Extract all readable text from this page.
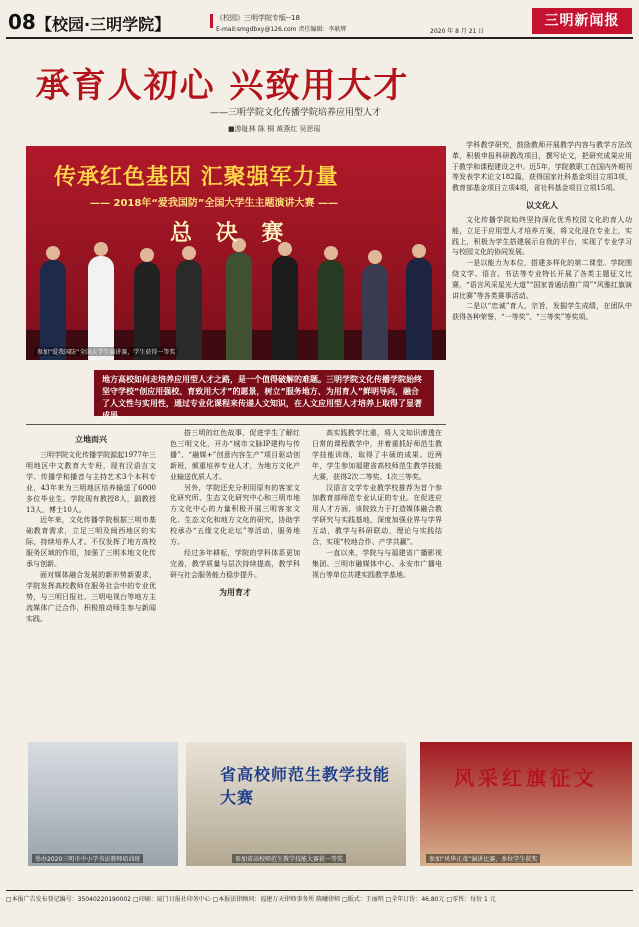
08 【校园·三明学院】	《校园》三明学院专版--18
E-mail:smgdbxy@126.com 责任编辑：李耿辉	2020 年 8 月 21 日
三明新闻报
承育人初心 兴致用大才
——三明学院文化传播学院培养应用型人才
■游耻林 陈 桐 黄燕红 吴思瑶
传承红色基因 汇聚强军力量
—— 2018年“爱我国防”全国大学生主题演讲大赛 ——
总 决 赛
参加“爱我国防”全国大学生演讲赛，学生获得一等奖
地方高校如何走培养应用型人才之路，是一个值得破解的难题。三明学院文化传播学院始终坚守学校“创应用强校、育致用大才”的愿景，树立“服务地方、为用育人”鲜明导向，融合了人文性与实用性，通过专业化课程来传递人文知识，在人文应用型人才培养上取得了显著成果。
立地而兴

三明学院文化传播学院源起1977年三明地区中文教育大专班，现有汉语言文学、传播学和播音与主持艺术3个本科专业，43年来为三明地区培养输送了6000多位毕业生。学院现有教授8人，副教授13人，博士10人。

近年来，文化传播学院根据三明市基础教育需求，立足三明及闽西地区的实际，持续培养人才。不仅发挥了地方高校服务区域的作用，加强了三明本地文化传承与创新。

面对媒体融合发展的新形势新要求，学院发挥高校教师在服务社会中的专业优势，与三明日报社、三明电视台等地方主流媒体广泛合作，积极推动师生参与新闻实践。

搭三明的红色故事，促进学生了解红色三明文化，开办“城市文脉IP建构与传播”、“融媒+”创意内容生产”项目驱动创新班，倾重培养专业人才，为地方文化产业输送优质人才。

另外，学院还充分利用原有的客家文化研究所、生态文化研究中心和三明市地方文化中心的力量积极开展三明客家文化、生态文化和地方文化的研究，协助学校承办“五缘文化论坛”等活动，服务地方。

经过多年耕耘，学院的学科体系更加完善，教学质量与层次持续提高，教学科研与社会服务能力稳步提升。

为用育才

高实践教学比重，将人文知识渗透在日常的课程教学中，并着重抓好师范生教学技能训练，取得了丰硕的成果。近两年，学生参加福建省高校师范生教学技能大赛，获得2次二等奖、1次三等奖。

汉语言文学专业教学校推荐为首个参加教育部师范专业认证的专业。在促进应用人才方面，该院致力于打造媒体融合教学研究与实践基地，深度加强业界与学界互动，教学与科研联动，理论与实践结合，实现“校地合作、产学共赢”。

一直以来，学院与与福建省广播影视集团、三明市融媒体中心、永安市广播电视台等单位共建实践教学基地。

学科教学研究，鼓励教师开展教学内容与教学方法改革，积极申报科研教改项目，撰写论文，把研究成果应用于教学和课程建设之中。近5年，学院教职工在国内外期刊等发表学术论文182篇，获得国家社科基金项目立项3项，教育部基金项目立项4项，省社科基金项目立项15项。

以文化人

文化传播学院始终坚持深化优秀校园文化的育人功能，立足于应用型人才培养方案，将文化浸在专业上，实践上，积极为学生搭建展示自我的平台，实现了专业学习与校园文化的协同发展。

一是以能力为本位，搭建多样化的第二课堂。学院围绕文学、语言、书法等专业特长开展了各类主题征文比赛，“语言风采星光大道”“国家普通话推广周”“风雅红旗演讲比赛”等各类赛事活动。

二是以“忠诚”育人，宗旨，发掘学生成绩，在团队中获得各种荣誉，“一等奖”、“三等奖”等奖项。

举办2020三明市中小学书法教师培训班
省高校师范生教学技能大赛
参加省高校师范生教学技能大赛获一等奖
风采红旗征文
参加“风华正茂”演讲比赛，多位学生获奖
□本报广告发布登记编号：35040220190002 □印刷：厦门日报社印务中心 □本报法律顾问：福建万天律师事务所 陈曦律师 □版式：王丽明 □全年订价：46.80元 □零售：每份 1 元
